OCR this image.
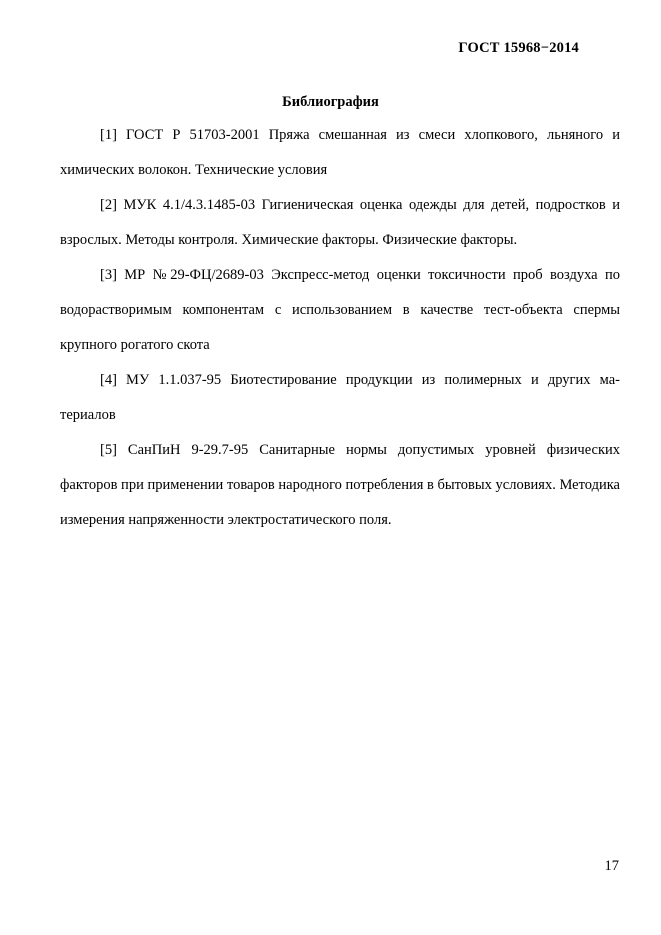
ГОСТ 15968−2014
Библиография

[1] ГОСТ Р 51703-2001 Пряжа смешанная из смеси хлопкового, льняного и химических волокон. Технические условия

[2] МУК 4.1/4.3.1485-03 Гигиеническая оценка одежды для детей, подростков и взрослых. Методы контроля. Химические факторы. Физические факторы.

[3] МР №29-ФЦ/2689-03 Экспресс-метод оценки токсичности проб воздуха по водорастворимым компонентам с использованием в качестве тест-объекта спермы крупного рогатого скота

[4] МУ 1.1.037-95 Биотестирование продукции из полимерных и других материалов

[5] СанПиН 9-29.7-95 Санитарные нормы допустимых уровней физических факторов при применении товаров народного потребления в бытовых условиях. Методика измерения напряженности электростатического поля.

17
